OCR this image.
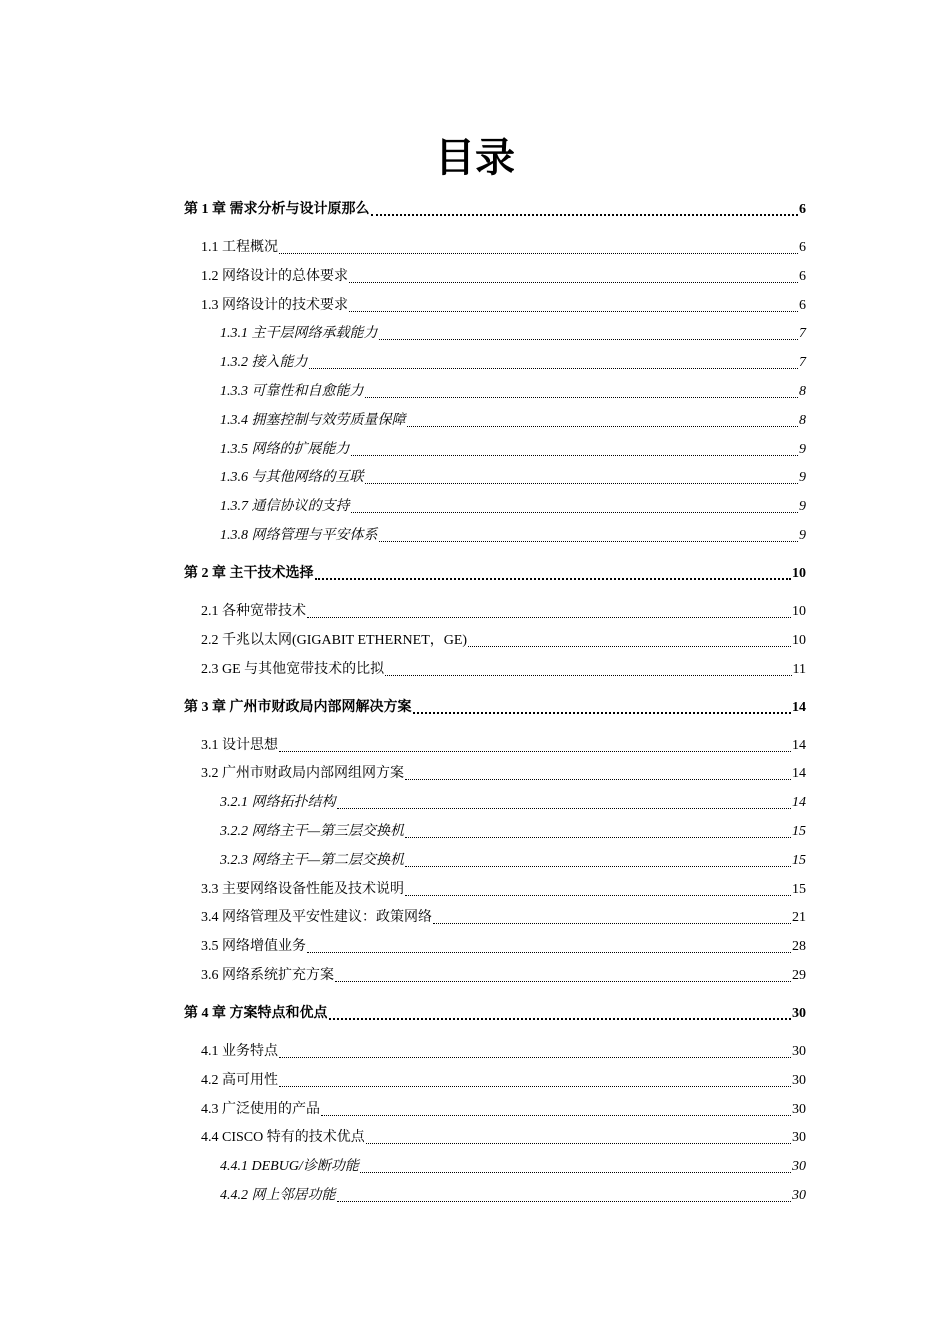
目录
第 1 章 需求分析与设计原那么	6
1.1 工程概况	6
1.2 网络设计的总体要求	6
1.3 网络设计的技术要求	6
1.3.1 主干层网络承载能力	7
1.3.2 接入能力	7
1.3.3 可靠性和自愈能力	8
1.3.4 拥塞控制与效劳质量保障	8
1.3.5 网络的扩展能力	9
1.3.6 与其他网络的互联	9
1.3.7 通信协议的支持	9
1.3.8 网络管理与平安体系	9
第 2 章 主干技术选择	10
2.1 各种宽带技术	10
2.2 千兆以太网(GIGABIT ETHERNET，GE)	10
2.3 GE 与其他宽带技术的比拟	11
第 3 章 广州市财政局内部网解决方案	14
3.1 设计思想	14
3.2 广州市财政局内部网组网方案	14
3.2.1 网络拓扑结构	14
3.2.2 网络主干—第三层交换机	15
3.2.3 网络主干—第二层交换机	15
3.3 主要网络设备性能及技术说明	15
3.4 网络管理及平安性建议：政策网络	21
3.5 网络增值业务	28
3.6 网络系统扩充方案	29
第 4 章 方案特点和优点	30
4.1 业务特点	30
4.2 高可用性	30
4.3 广泛使用的产品	30
4.4 CISCO 特有的技术优点	30
4.4.1 DEBUG/诊断功能	30
4.4.2 网上邻居功能	30
